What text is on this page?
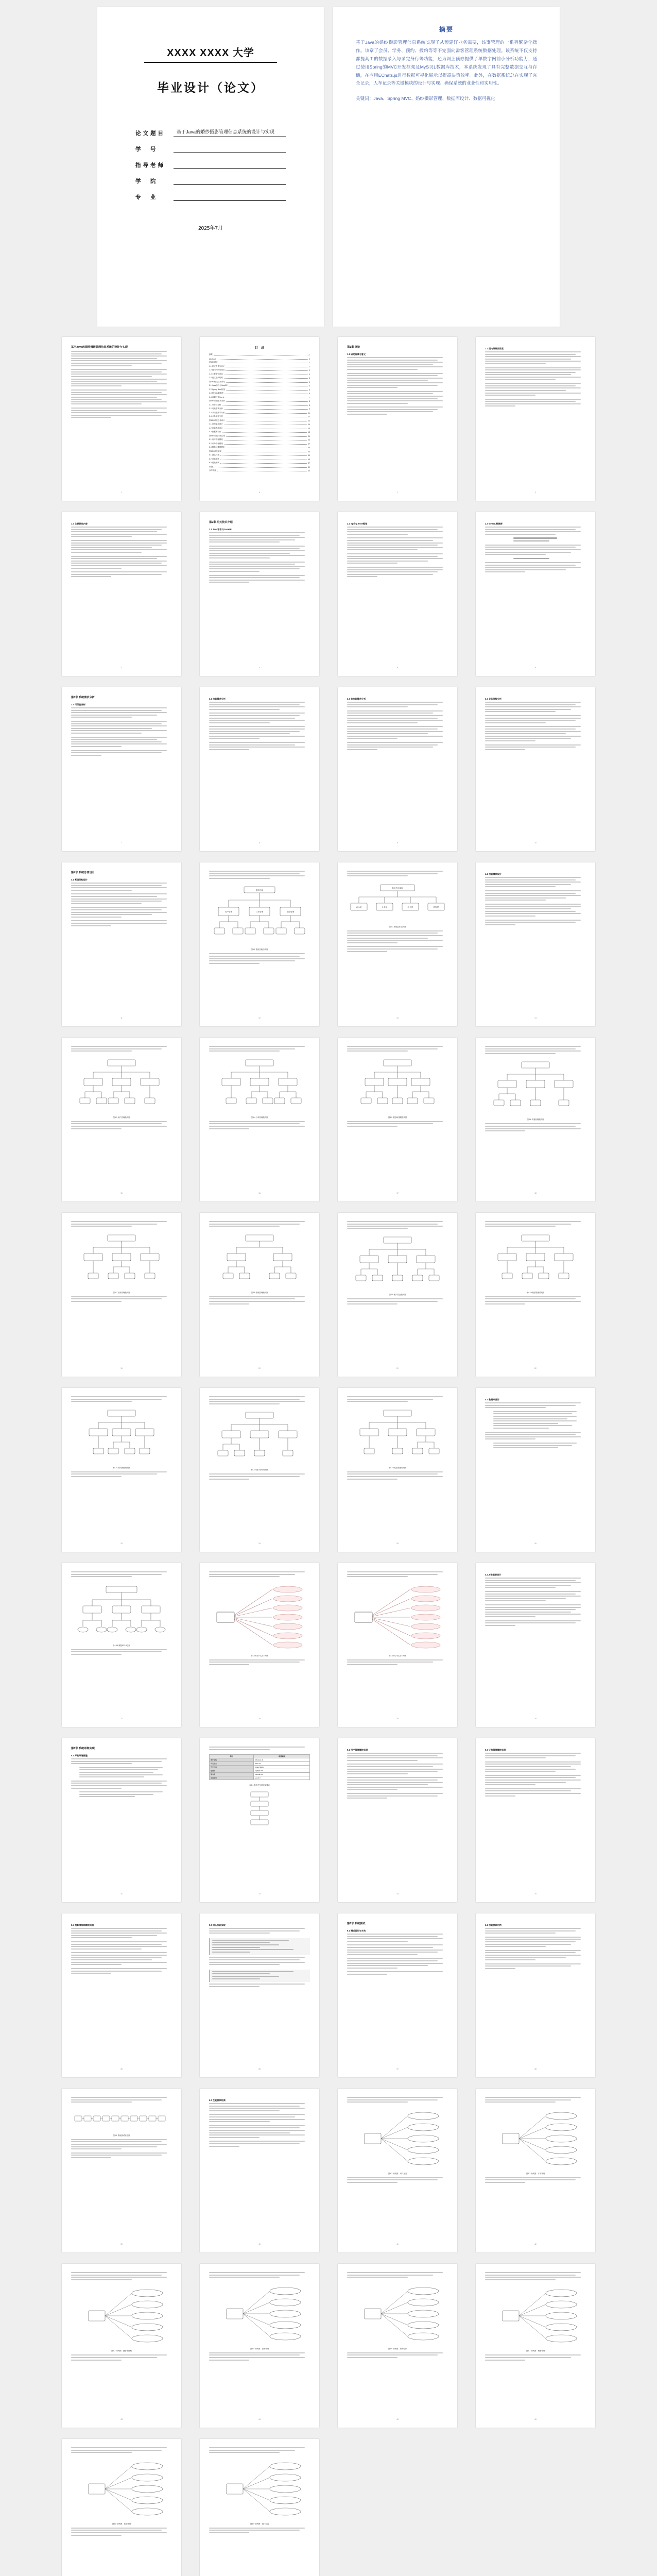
XXXX XXXX 大学
毕业设计（论文）
论文题目	基于Java的婚纱摄影管理信息系统的设计与实现
学　号
指导老师
学　院
专　业
2025年7月
摘要
基于Java的婚纱摄影管理信息系统实现了从预建订业务需要，该事管理的一系列繁杂化操作。该章了会员、学务、预约、授约等等不完面向需客管理系统数据处理。该系统不仅支持都提高工的数据录入与录完务行等功能，还为网上预券提供了单数字网前小分析功能力，通过使用Spring的MVC开发框架及MyS贝L数据库技术，本系统发现了具有完整数据交互与存储，在应用EChats.js进行数据可视化展示以提高决策效率。此外，在数据系统总在实现了完全记录，人车记录等关键模块的设计与实现。确保系统的业业性和实用性。
关键词：Java、Spring MVC、婚纱摄影管理、数据库设计、数据可视化
基于Java的婚纱摄影管理信息系统的设计与实现
1
目　录
摘要	I
Abstract	II
第1章 绪论	1
1.1 研究背景与意义	1
1.2 国内外研究现状	2
1.3 主要研究内容	3
1.4 论文组织结构	3
第2章 相关技术介绍	4
2.1 Java语言与JavaEE	4
2.2 Spring Boot框架	5
2.3 MySQL数据库	6
2.4 前端技术Vue.js	7
第3章 系统需求分析	8
3.1 可行性分析	8
3.2 功能需求分析	9
3.3 非功能需求分析	11
3.4 业务流程分析	12
第4章 系统总体设计	14
4.1 系统架构设计	14
4.2 功能模块设计	15
4.3 数据库设计	18
第5章 系统详细实现	24
5.1 用户管理模块	24
5.2 订单管理模块	27
5.3 摄影师排期模块	30
第6章 系统测试	34
6.1 测试环境	34
6.2 功能测试	35
6.3 性能测试	37
结论	39
参考文献	40
II
第1章 绪论
1.1 研究背景与意义
1
1.2 国内外研究现状
2
1.3 主要研究内容
3
第2章 相关技术介绍
2.1 Java语言与JavaEE
4
2.2 Spring Boot框架
5
2.3 MySQL数据库
6
第3章 系统需求分析
3.1 可行性分析
7
3.2 功能需求分析
8
3.3 非功能需求分析
9
3.4 业务流程分析
10
第4章 系统总体设计
4.1 系统架构设计
11
系统功能
用户管理	订单管理	摄影管理
图4-1 系统功能结构图
12
系统总体架构
表示层	业务层	持久层	数据层
图4-2 系统总体架构图
13
4.2 功能模块设计
14
图4-3 用户管理模块图
15
图4-4 订单管理模块图
16
图4-5 摄影师排期模块图
17
图4-6 套餐管理模块图
18
图4-7 财务管理模块图
19
图4-8 系统管理模块图
20
图4-9 客户信息模块图
21
图4-10 相册管理模块图
22
图4-11 预约流程模块图
23
图4-12 统计分析模块图
24
图4-13 权限管理模块图
25
4.3 数据库设计
26
图4-14 数据库E-R总图
27
图4-15 用户实体E-R图
28
图4-16 订单实体E-R图
29
4.3.3 数据表设计
30
第5章 系统详细实现
5.1 开发环境搭建
31
项目	配置说明
操作系统	Windows 11
开发语言	Java 17
开发工具	IntelliJ IDEA
数据库	MySQL 8.0
服务器	Tomcat 9.0
前端框架	Vue 3.0
表5-1 系统开发环境配置表
32
5.2 用户管理模块实现
33
5.3 订单管理模块实现
34
5.4 摄影师排期模块实现
35
5.5 核心代码实现
36
第6章 系统测试
6.1 测试目的与方法
37
6.2 功能测试用例
38
图6-1 系统测试流程图
39
6.3 性能测试结果
40
图6-2 用例图：用户登录
41
图6-3 用例图：订单管理
42
图6-4 用例图：摄影师排期
43
图6-5 用例图：套餐管理
44
图6-6 用例图：财务结算
45
图6-7 用例图：相册管理
46
图6-8 用例图：系统管理	图6-9 用例图：统计报表
